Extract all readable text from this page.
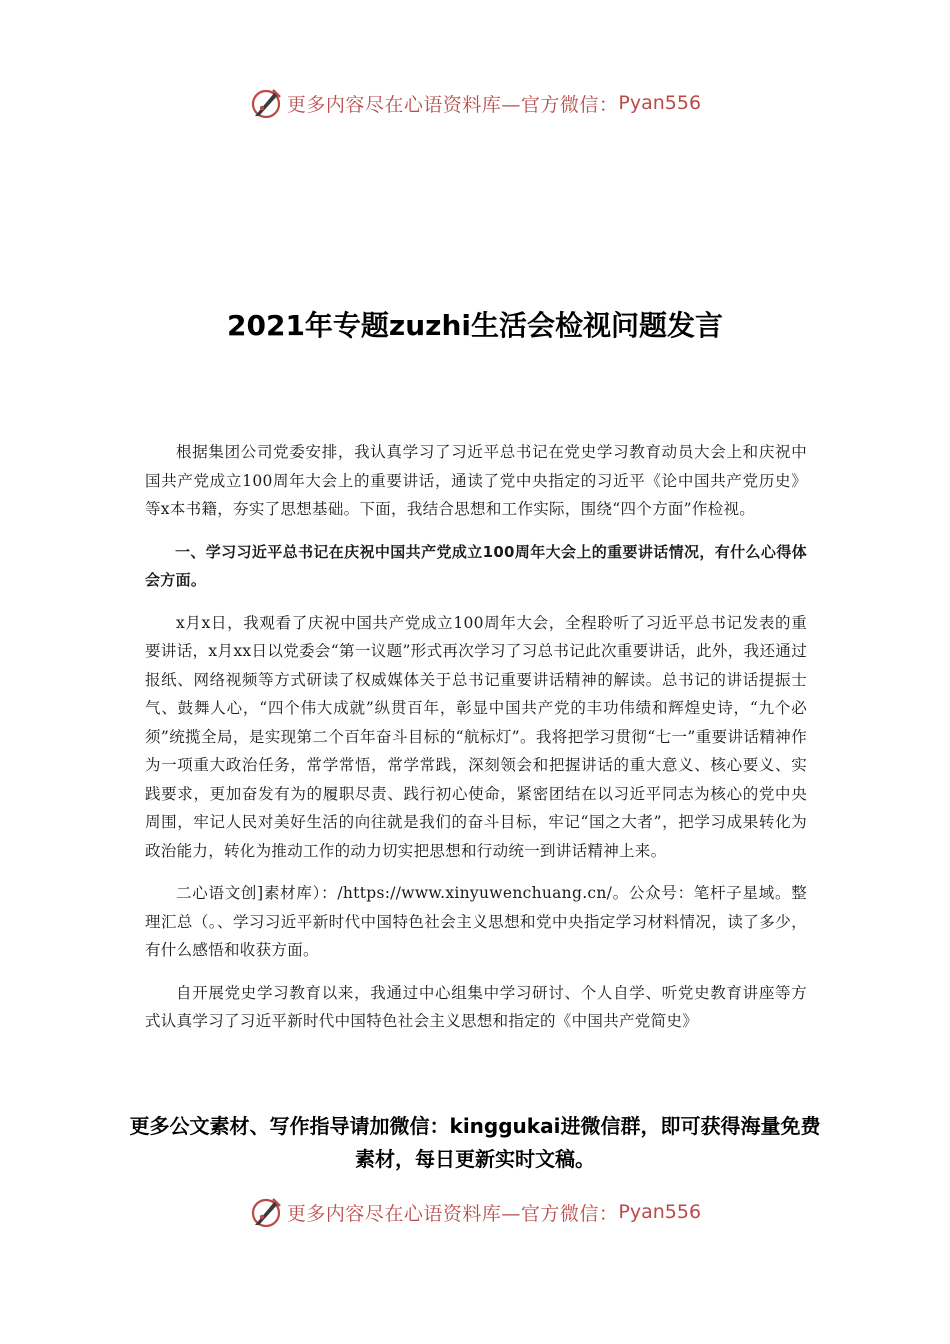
更多内容尽在心语资料库—官方微信： Pyan556
2021年专题zuzhi生活会检视问题发言

根据集团公司党委安排，我认真学习了习近平总书记在党史学习教育动员大会上和庆祝中国共产党成立100周年大会上的重要讲话，通读了党中央指定的习近平《论中国共产党历史》等x本书籍，夯实了思想基础。下面，我结合思想和工作实际，围绕“四个方面”作检视。

一、学习习近平总书记在庆祝中国共产党成立100周年大会上的重要讲话情况，有什么心得体会方面。

x月x日，我观看了庆祝中国共产党成立100周年大会，全程聆听了习近平总书记发表的重要讲话，x月xx日以党委会“第一议题”形式再次学习了习总书记此次重要讲话，此外，我还通过报纸、网络视频等方式研读了权威媒体关于总书记重要讲话精神的解读。总书记的讲话提振士气、鼓舞人心，“四个伟大成就”纵贯百年，彰显中国共产党的丰功伟绩和辉煌史诗，“九个必须”统揽全局，是实现第二个百年奋斗目标的“航标灯”。我将把学习贯彻“七一”重要讲话精神作为一项重大政治任务，常学常悟，常学常践，深刻领会和把握讲话的重大意义、核心要义、实践要求，更加奋发有为的履职尽责、践行初心使命，紧密团结在以习近平同志为核心的党中央周围，牢记人民对美好生活的向往就是我们的奋斗目标，牢记“国之大者”，把学习成果转化为政治能力，转化为推动工作的动力切实把思想和行动统一到讲话精神上来。

二心语文创]素材库）：/https://www.xinyuwenchuang.cn/。公众号：笔杆子星域。整理汇总（。、学习习近平新时代中国特色社会主义思想和党中央指定学习材料情况，读了多少，有什么感悟和收获方面。

自开展党史学习教育以来，我通过中心组集中学习研讨、个人自学、听党史教育讲座等方式认真学习了习近平新时代中国特色社会主义思想和指定的《中国共产党简史》

更多公文素材、写作指导请加微信：kinggukai进微信群，即可获得海量免费素材，每日更新实时文稿。
更多内容尽在心语资料库—官方微信： Pyan556
